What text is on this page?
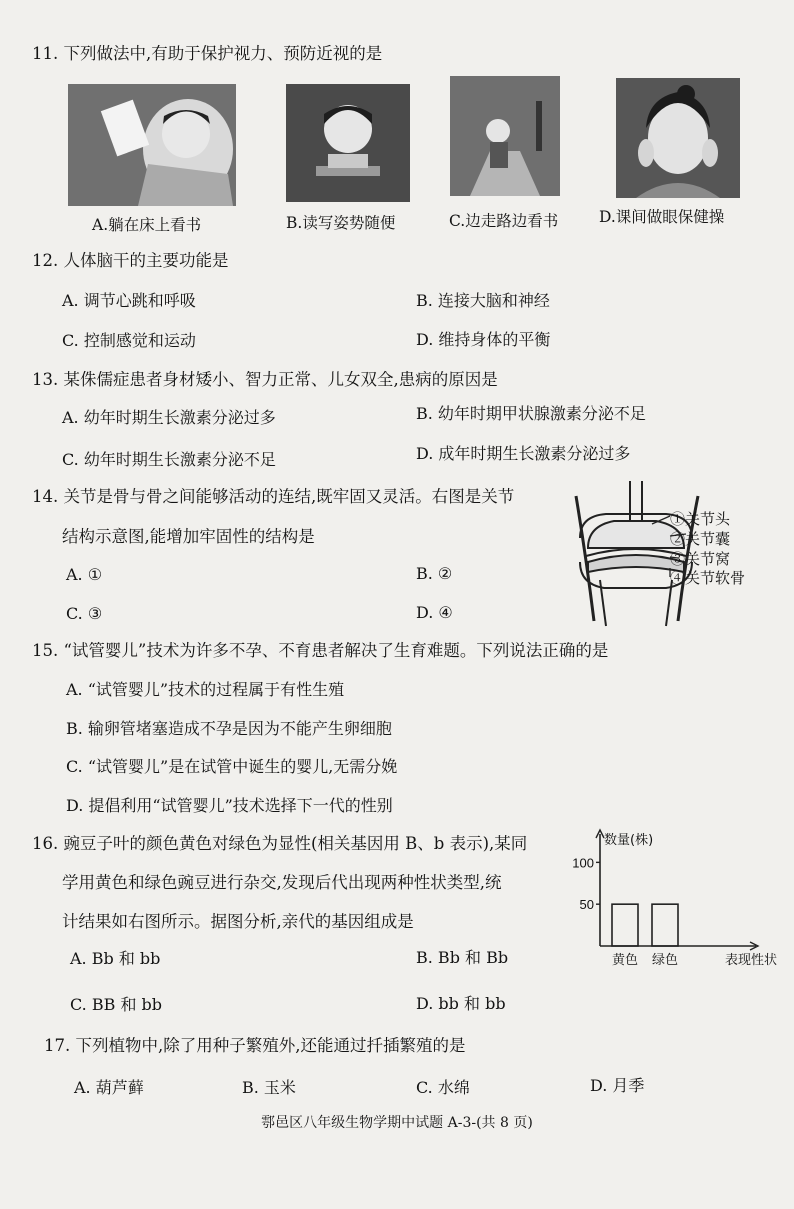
11. 下列做法中,有助于保护视力、预防近视的是
A.躺在床上看书	B.读写姿势随便	C.边走路边看书	D.课间做眼保健操
12. 人体脑干的主要功能是
A. 调节心跳和呼吸	B. 连接大脑和神经
C. 控制感觉和运动	D. 维持身体的平衡
13. 某侏儒症患者身材矮小、智力正常、儿女双全,患病的原因是
A. 幼年时期生长激素分泌过多	B. 幼年时期甲状腺激素分泌不足
C. 幼年时期生长激素分泌不足	D. 成年时期生长激素分泌过多
14. 关节是骨与骨之间能够活动的连结,既牢固又灵活。右图是关节
结构示意图,能增加牢固性的结构是
A. ①	B. ②
C. ③	D. ④
①关节头
②关节囊
③关节窝
④关节软骨
15. “试管婴儿”技术为许多不孕、不育患者解决了生育难题。下列说法正确的是
A. “试管婴儿”技术的过程属于有性生殖
B. 输卵管堵塞造成不孕是因为不能产生卵细胞
C. “试管婴儿”是在试管中诞生的婴儿,无需分娩
D. 提倡利用“试管婴儿”技术选择下一代的性别
16. 豌豆子叶的颜色黄色对绿色为显性(相关基因用 B、b 表示),某同
学用黄色和绿色豌豆进行杂交,发现后代出现两种性状类型,统
计结果如右图所示。据图分析,亲代的基因组成是
A. Bb 和 bb	B. Bb 和 Bb
C. BB 和 bb	D. bb 和 bb
50
100
数量(株)
黄色 绿色	表现性状
17. 下列植物中,除了用种子繁殖外,还能通过扦插繁殖的是
A. 葫芦藓	B. 玉米	C. 水绵	D. 月季
鄠邑区八年级生物学期中试题 A-3-(共 8 页)
